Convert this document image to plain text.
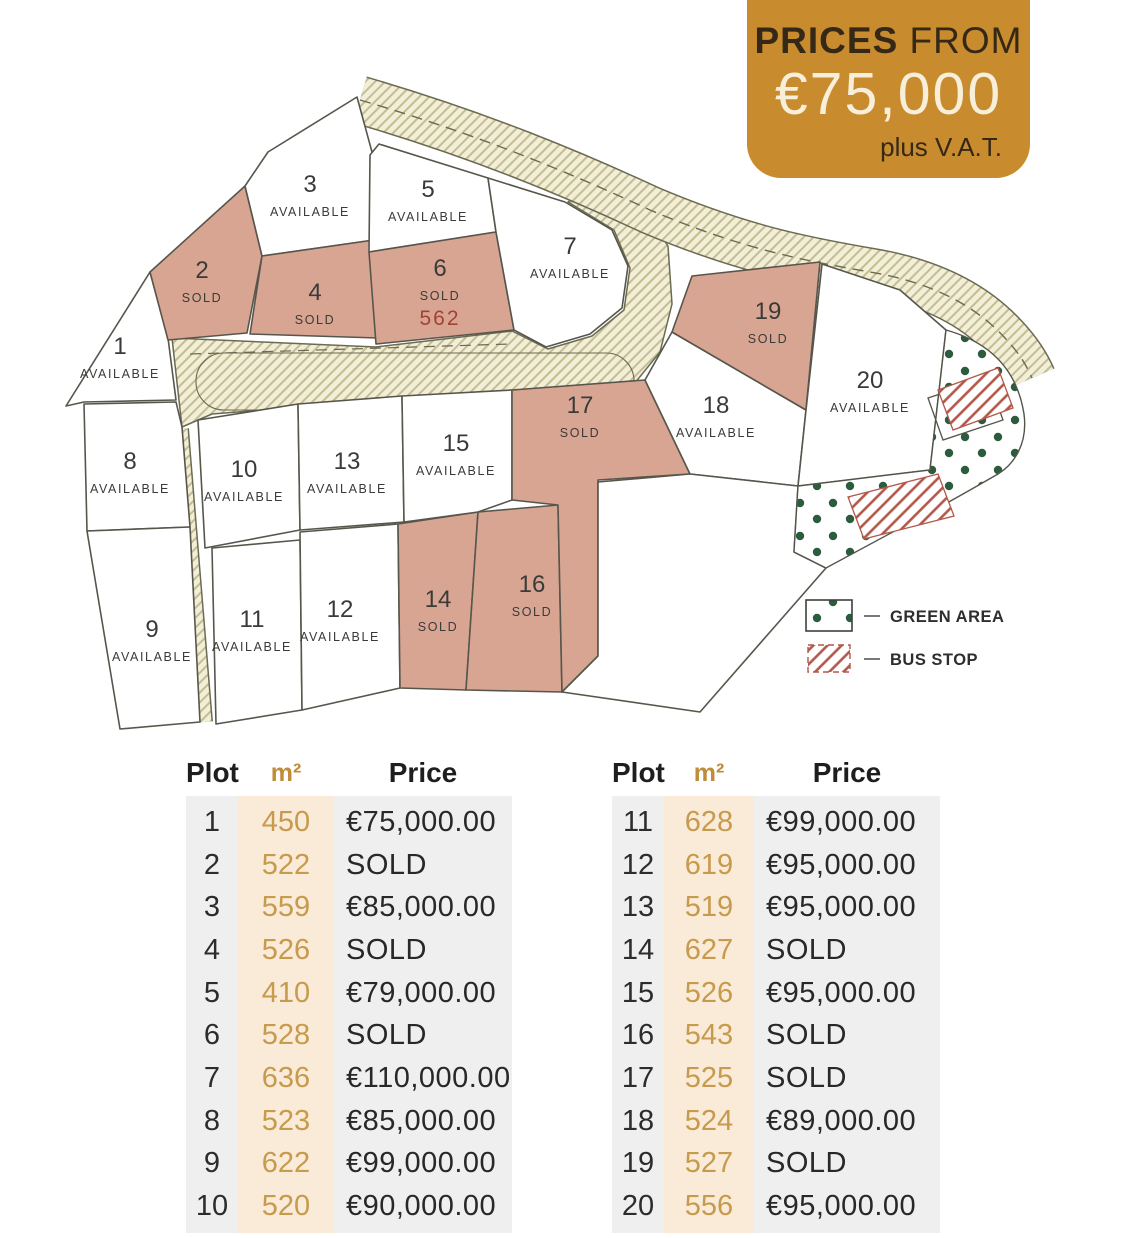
1
AVAILABLE
2
SOLD
3
AVAILABLE
4
SOLD
5
AVAILABLE
6
SOLD
562
7
AVAILABLE
8
AVAILABLE
9
AVAILABLE
10
AVAILABLE
11
AVAILABLE
12
AVAILABLE
13
AVAILABLE
14
SOLD
15
AVAILABLE
16
SOLD
17
SOLD
18
AVAILABLE
19
SOLD
20
AVAILABLE
GREEN AREA
BUS STOP
PRICES FROM
€75,000
plus V.A.T.
Plot	m²	Price
1	450	€75,000.00
2	522	SOLD
3	559	€85,000.00
4	526	SOLD
5	410	€79,000.00
6	528	SOLD
7	636	€110,000.00
8	523	€85,000.00
9	622	€99,000.00
10	520	€90,000.00
Plot	m²	Price
11	628	€99,000.00
12	619	€95,000.00
13	519	€95,000.00
14	627	SOLD
15	526	€95,000.00
16	543	SOLD
17	525	SOLD
18	524	€89,000.00
19	527	SOLD
20	556	€95,000.00
